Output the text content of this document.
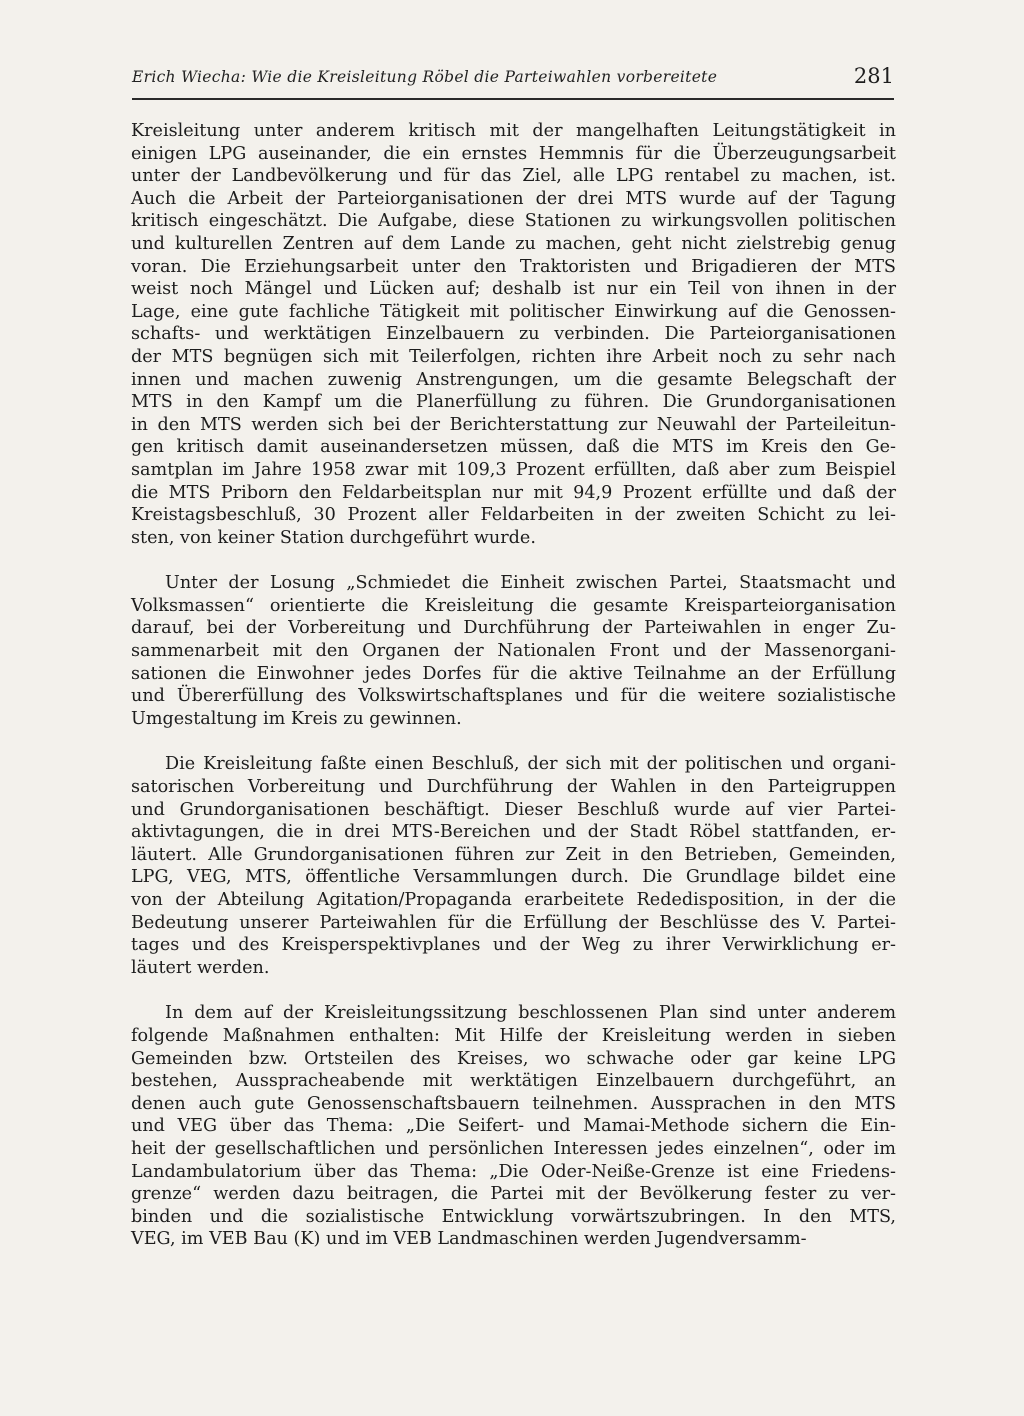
Erich Wiecha: Wie die Kreisleitung Röbel die Parteiwahlen vorbereitete	281

Kreisleitung unter anderem kritisch mit der mangelhaften Leitungstätigkeit in

einigen LPG auseinander, die ein ernstes Hemmnis für die Überzeugungsarbeit

unter der Landbevölkerung und für das Ziel, alle LPG rentabel zu machen, ist.

Auch die Arbeit der Parteiorganisationen der drei MTS wurde auf der Tagung

kritisch eingeschätzt. Die Aufgabe, diese Stationen zu wirkungsvollen politischen

und kulturellen Zentren auf dem Lande zu machen, geht nicht zielstrebig genug

voran. Die Erziehungsarbeit unter den Traktoristen und Brigadieren der MTS

weist noch Mängel und Lücken auf; deshalb ist nur ein Teil von ihnen in der

Lage, eine gute fachliche Tätigkeit mit politischer Einwirkung auf die Genossen-

schafts- und werktätigen Einzelbauern zu verbinden. Die Parteiorganisationen

der MTS begnügen sich mit Teilerfolgen, richten ihre Arbeit noch zu sehr nach

innen und machen zuwenig Anstrengungen, um die gesamte Belegschaft der

MTS in den Kampf um die Planerfüllung zu führen. Die Grundorganisationen

in den MTS werden sich bei der Berichterstattung zur Neuwahl der Parteileitun-

gen kritisch damit auseinandersetzen müssen, daß die MTS im Kreis den Ge-

samtplan im Jahre 1958 zwar mit 109,3 Prozent erfüllten, daß aber zum Beispiel

die MTS Priborn den Feldarbeitsplan nur mit 94,9 Prozent erfüllte und daß der

Kreistagsbeschluß, 30 Prozent aller Feldarbeiten in der zweiten Schicht zu lei-

sten, von keiner Station durchgeführt wurde.

Unter der Losung „Schmiedet die Einheit zwischen Partei, Staatsmacht und

Volksmassen“ orientierte die Kreisleitung die gesamte Kreisparteiorganisation

darauf, bei der Vorbereitung und Durchführung der Parteiwahlen in enger Zu-

sammenarbeit mit den Organen der Nationalen Front und der Massenorgani-

sationen die Einwohner jedes Dorfes für die aktive Teilnahme an der Erfüllung

und Übererfüllung des Volkswirtschaftsplanes und für die weitere sozialistische

Umgestaltung im Kreis zu gewinnen.

Die Kreisleitung faßte einen Beschluß, der sich mit der politischen und organi-

satorischen Vorbereitung und Durchführung der Wahlen in den Parteigruppen

und Grundorganisationen beschäftigt. Dieser Beschluß wurde auf vier Partei-

aktivtagungen, die in drei MTS-Bereichen und der Stadt Röbel stattfanden, er-

läutert. Alle Grundorganisationen führen zur Zeit in den Betrieben, Gemeinden,

LPG, VEG, MTS, öffentliche Versammlungen durch. Die Grundlage bildet eine

von der Abteilung Agitation/Propaganda erarbeitete Rededisposition, in der die

Bedeutung unserer Parteiwahlen für die Erfüllung der Beschlüsse des V. Partei-

tages und des Kreisperspektivplanes und der Weg zu ihrer Verwirklichung er-

läutert werden.

In dem auf der Kreisleitungssitzung beschlossenen Plan sind unter anderem

folgende Maßnahmen enthalten: Mit Hilfe der Kreisleitung werden in sieben

Gemeinden bzw. Ortsteilen des Kreises, wo schwache oder gar keine LPG

bestehen, Aussprachеabende mit werktätigen Einzelbauern durchgeführt, an

denen auch gute Genossenschaftsbauern teilnehmen. Aussprachen in den MTS

und VEG über das Thema: „Die Seifert- und Mamai-Methode sichern die Ein-

heit der gesellschaftlichen und persönlichen Interessen jedes einzelnen“, oder im

Landambulatorium über das Thema: „Die Oder-Neiße-Grenze ist eine Friedens-

grenze“ werden dazu beitragen, die Partei mit der Bevölkerung fester zu ver-

binden und die sozialistische Entwicklung vorwärtszubringen. In den MTS,

VEG, im VEB Bau (K) und im VEB Landmaschinen werden Jugendversamm-
